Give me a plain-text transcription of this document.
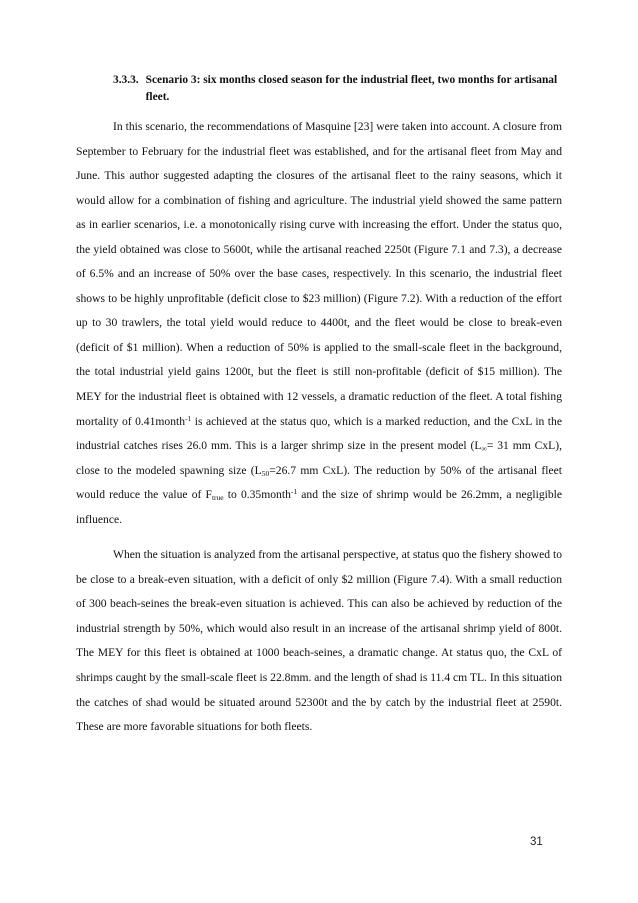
3.3.3. Scenario 3: six months closed season for the industrial fleet, two months for artisanal fleet.

In this scenario, the recommendations of Masquine [23] were taken into account. A closure from September to February for the industrial fleet was established, and for the artisanal fleet from May and June. This author suggested adapting the closures of the artisanal fleet to the rainy seasons, which it would allow for a combination of fishing and agriculture. The industrial yield showed the same pattern as in earlier scenarios, i.e. a monotonically rising curve with increasing the effort. Under the status quo, the yield obtained was close to 5600t, while the artisanal reached 2250t (Figure 7.1 and 7.3), a decrease of 6.5% and an increase of 50% over the base cases, respectively. In this scenario, the industrial fleet shows to be highly unprofitable (deficit close to $23 million) (Figure 7.2). With a reduction of the effort up to 30 trawlers, the total yield would reduce to 4400t, and the fleet would be close to break-even (deficit of $1 million). When a reduction of 50% is applied to the small-scale fleet in the background, the total industrial yield gains 1200t, but the fleet is still non-profitable (deficit of $15 million). The MEY for the industrial fleet is obtained with 12 vessels, a dramatic reduction of the fleet. A total fishing mortality of 0.41month$^{-1}$ is achieved at the status quo, which is a marked reduction, and the CxL in the industrial catches rises 26.0 mm. This is a larger shrimp size in the present model ($L_\infty= 31$ mm CxL), close to the modeled spawning size ($L_{50}=26.7$ mm CxL). The reduction by 50% of the artisanal fleet would reduce the value of $F_{true}$ to 0.35month$^{-1}$ and the size of shrimp would be 26.2mm, a negligible influence.

When the situation is analyzed from the artisanal perspective, at status quo the fishery showed to be close to a break-even situation, with a deficit of only $2 million (Figure 7.4). With a small reduction of 300 beach-seines the break-even situation is achieved. This can also be achieved by reduction of the industrial strength by 50%, which would also result in an increase of the artisanal shrimp yield of 800t. The MEY for this fleet is obtained at 1000 beach-seines, a dramatic change. At status quo, the CxL of shrimps caught by the small-scale fleet is 22.8mm. and the length of shad is 11.4 cm TL. In this situation the catches of shad would be situated around 52300t and the by catch by the industrial fleet at 2590t. These are more favorable situations for both fleets.

31
